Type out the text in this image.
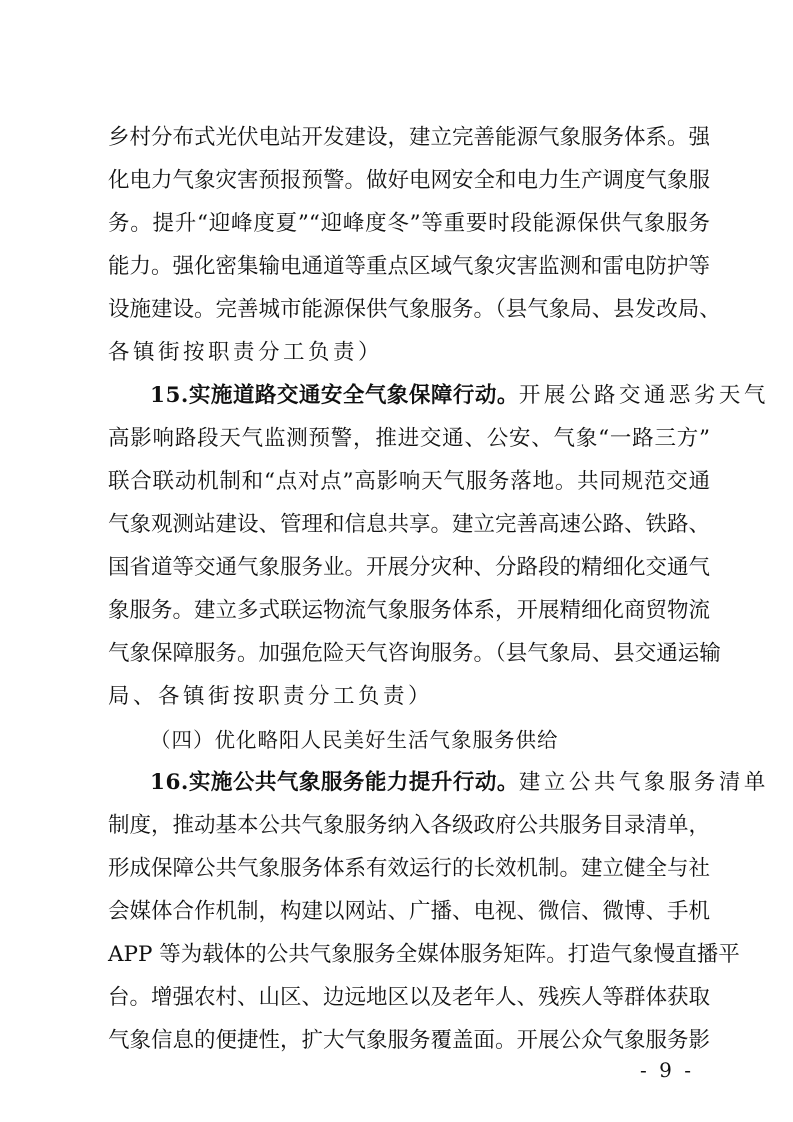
乡村分布式光伏电站开发建设，建立完善能源气象服务体系。强
化电力气象灾害预报预警。做好电网安全和电力生产调度气象服
务。提升“迎峰度夏”“迎峰度冬”等重要时段能源保供气象服务
能力。强化密集输电通道等重点区域气象灾害监测和雷电防护等
设施建设。完善城市能源保供气象服务。（县气象局、县发改局、
各镇街按职责分工负责）
15.实施道路交通安全气象保障行动。开展公路交通恶劣天气
高影响路段天气监测预警，推进交通、公安、气象“一路三方”
联合联动机制和“点对点”高影响天气服务落地。共同规范交通
气象观测站建设、管理和信息共享。建立完善高速公路、铁路、
国省道等交通气象服务业。开展分灾种、分路段的精细化交通气
象服务。建立多式联运物流气象服务体系，开展精细化商贸物流
气象保障服务。加强危险天气咨询服务。（县气象局、县交通运输
局、各镇街按职责分工负责）
（四）优化略阳人民美好生活气象服务供给
16.实施公共气象服务能力提升行动。建立公共气象服务清单
制度，推动基本公共气象服务纳入各级政府公共服务目录清单，
形成保障公共气象服务体系有效运行的长效机制。建立健全与社
会媒体合作机制，构建以网站、广播、电视、微信、微博、手机
APP 等为载体的公共气象服务全媒体服务矩阵。打造气象慢直播平
台。增强农村、山区、边远地区以及老年人、残疾人等群体获取
气象信息的便捷性，扩大气象服务覆盖面。开展公众气象服务影
- 9 -
